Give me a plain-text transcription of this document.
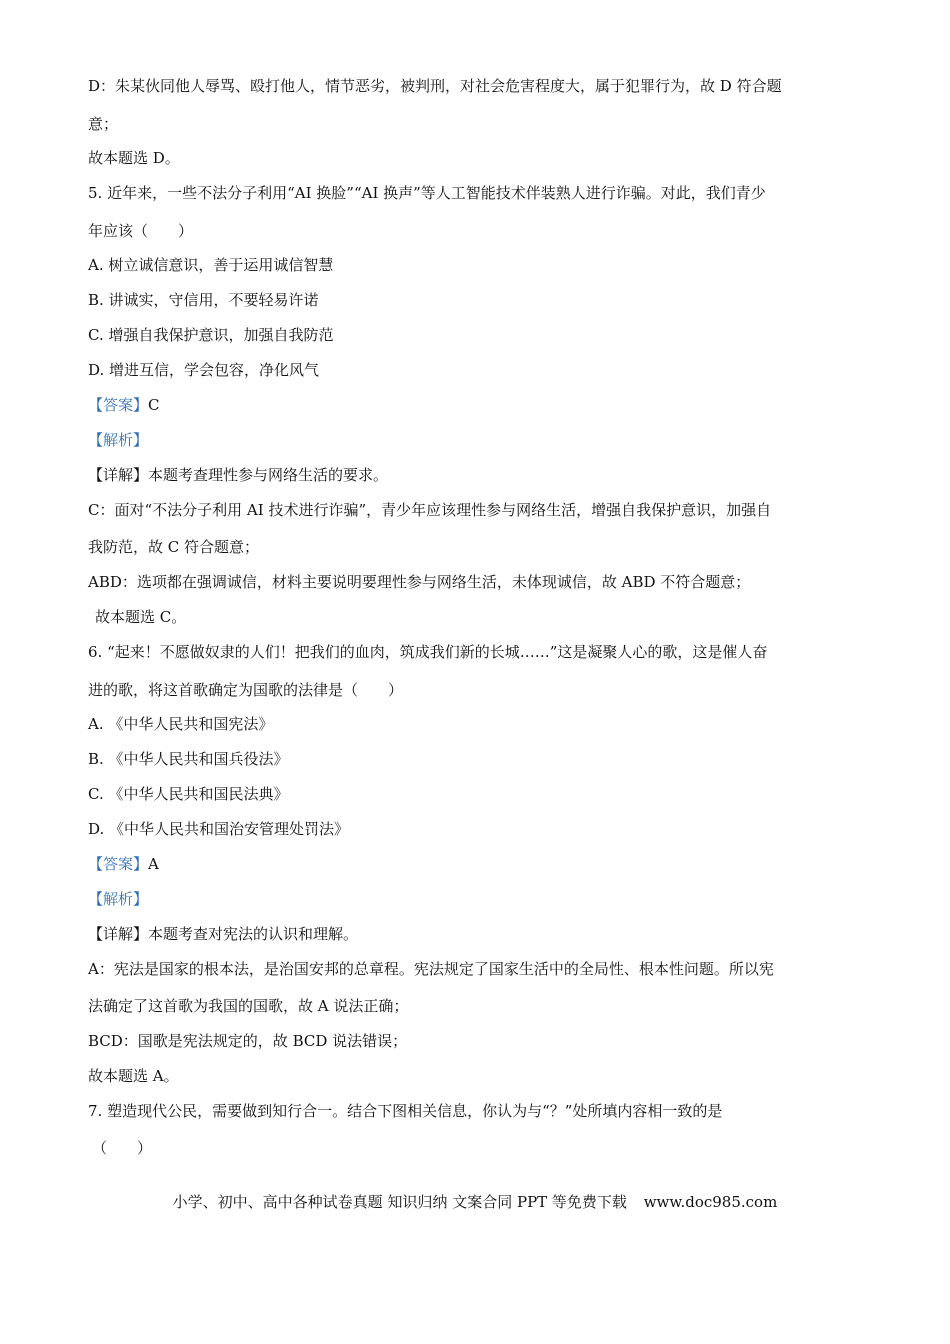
D：朱某伙同他人辱骂、殴打他人，情节恶劣，被判刑，对社会危害程度大，属于犯罪行为，故 D 符合题
意；
故本题选 D。
5. 近年来，一些不法分子利用“AI 换脸”“AI 换声”等人工智能技术伴装熟人进行诈骗。对此，我们青少
年应该（　　）
A. 树立诚信意识，善于运用诚信智慧
B. 讲诚实，守信用，不要轻易许诺
C. 增强自我保护意识，加强自我防范
D. 增进互信，学会包容，净化风气
【答案】C
【解析】
【详解】本题考查理性参与网络生活的要求。
C：面对“不法分子利用 AI 技术进行诈骗”，青少年应该理性参与网络生活，增强自我保护意识，加强自
我防范，故 C 符合题意；
ABD：选项都在强调诚信，材料主要说明要理性参与网络生活，未体现诚信，故 ABD 不符合题意；
故本题选 C。
6. “起来！不愿做奴隶的人们！把我们的血肉，筑成我们新的长城……”这是凝聚人心的歌，这是催人奋
进的歌，将这首歌确定为国歌的法律是（　　）
A. 《中华人民共和国宪法》
B. 《中华人民共和国兵役法》
C. 《中华人民共和国民法典》
D. 《中华人民共和国治安管理处罚法》
【答案】A
【解析】
【详解】本题考查对宪法的认识和理解。
A：宪法是国家的根本法，是治国安邦的总章程。宪法规定了国家生活中的全局性、根本性问题。所以宪
法确定了这首歌为我国的国歌，故 A 说法正确；
BCD：国歌是宪法规定的，故 BCD 说法错误；
故本题选 A。
7. 塑造现代公民，需要做到知行合一。结合下图相关信息，你认为与“？”处所填内容相一致的是
（　　）
小学、初中、高中各种试卷真题 知识归纳 文案合同 PPT 等免费下载 www.doc985.com
